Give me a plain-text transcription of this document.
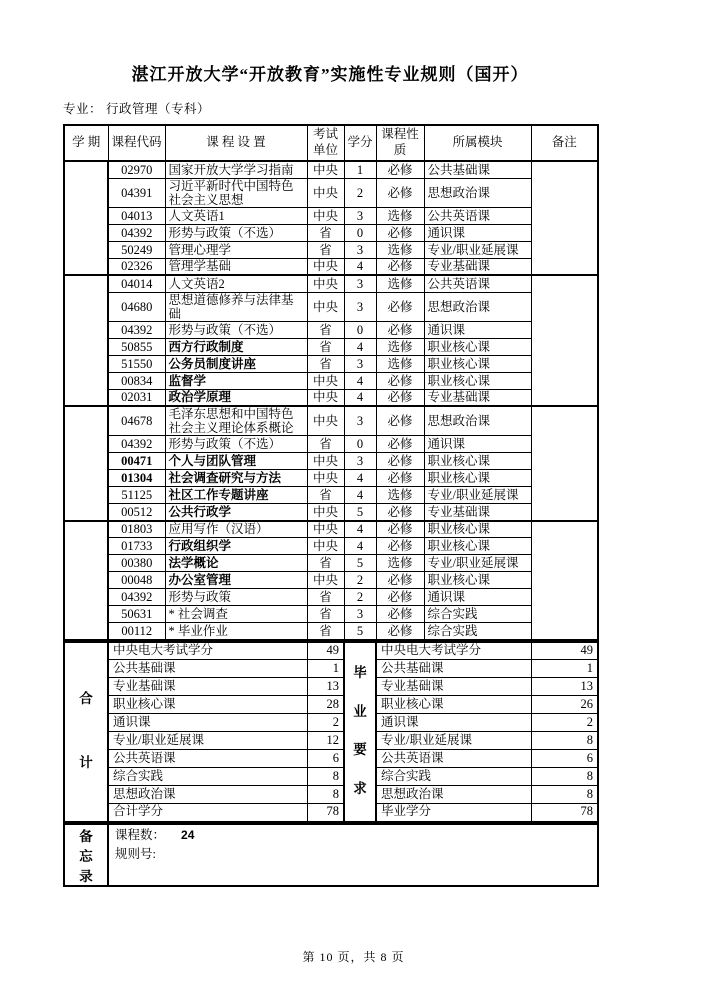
湛江开放大学“开放教育”实施性专业规则（国开）
专业： 行政管理（专科）
学 期	课程代码	课 程 设 置	考试单位	学分	课程性质	所属模块	备注
	02970	国家开放大学学习指南	中央	1	必修	公共基础课	
	04391	习近平新时代中国特色社会主义思想	中央	2	必修	思想政治课	
	04013	人文英语1	中央	3	选修	公共英语课	
	04392	形势与政策（不选）	省	0	必修	通识课	
	50249	管理心理学	省	3	选修	专业/职业延展课	
	02326	管理学基础	中央	4	必修	专业基础课	
	04014	人文英语2	中央	3	选修	公共英语课	
	04680	思想道德修养与法律基础	中央	3	必修	思想政治课	
	04392	形势与政策（不选）	省	0	必修	通识课	
	50855	西方行政制度	省	4	选修	职业核心课	
	51550	公务员制度讲座	省	3	选修	职业核心课	
	00834	监督学	中央	4	必修	职业核心课	
	02031	政治学原理	中央	4	必修	专业基础课	
	04678	毛泽东思想和中国特色社会主义理论体系概论	中央	3	必修	思想政治课	
	04392	形势与政策（不选）	省	0	必修	通识课	
	00471	个人与团队管理	中央	3	必修	职业核心课	
	01304	社会调查研究与方法	中央	4	必修	职业核心课	
	51125	社区工作专题讲座	省	4	选修	专业/职业延展课	
	00512	公共行政学	中央	5	必修	专业基础课	
	01803	应用写作（汉语）	中央	4	必修	职业核心课	
	01733	行政组织学	中央	4	必修	职业核心课	
	00380	法学概论	省	5	选修	专业/职业延展课	
	00048	办公室管理	中央	2	必修	职业核心课	
	04392	形势与政策	省	2	必修	通识课	
	50631	* 社会调查	省	3	必修	综合实践	
	00112	* 毕业作业	省	5	必修	综合实践	
合
计
	中央电大考试学分	49	
毕
业
要
求
	中央电大考试学分	49
	公共基础课	1		公共基础课	1
	专业基础课	13		专业基础课	13
	职业核心课	28		职业核心课	26
	通识课	2		通识课	2
	专业/职业延展课	12		专业/职业延展课	8
	公共英语课	6		公共英语课	6
	综合实践	8		综合实践	8
	思想政治课	8		思想政治课	8
	合计学分	78		毕业学分	78
备
忘
录

课程数： 24
规则号:
第 10 页，共 8 页
